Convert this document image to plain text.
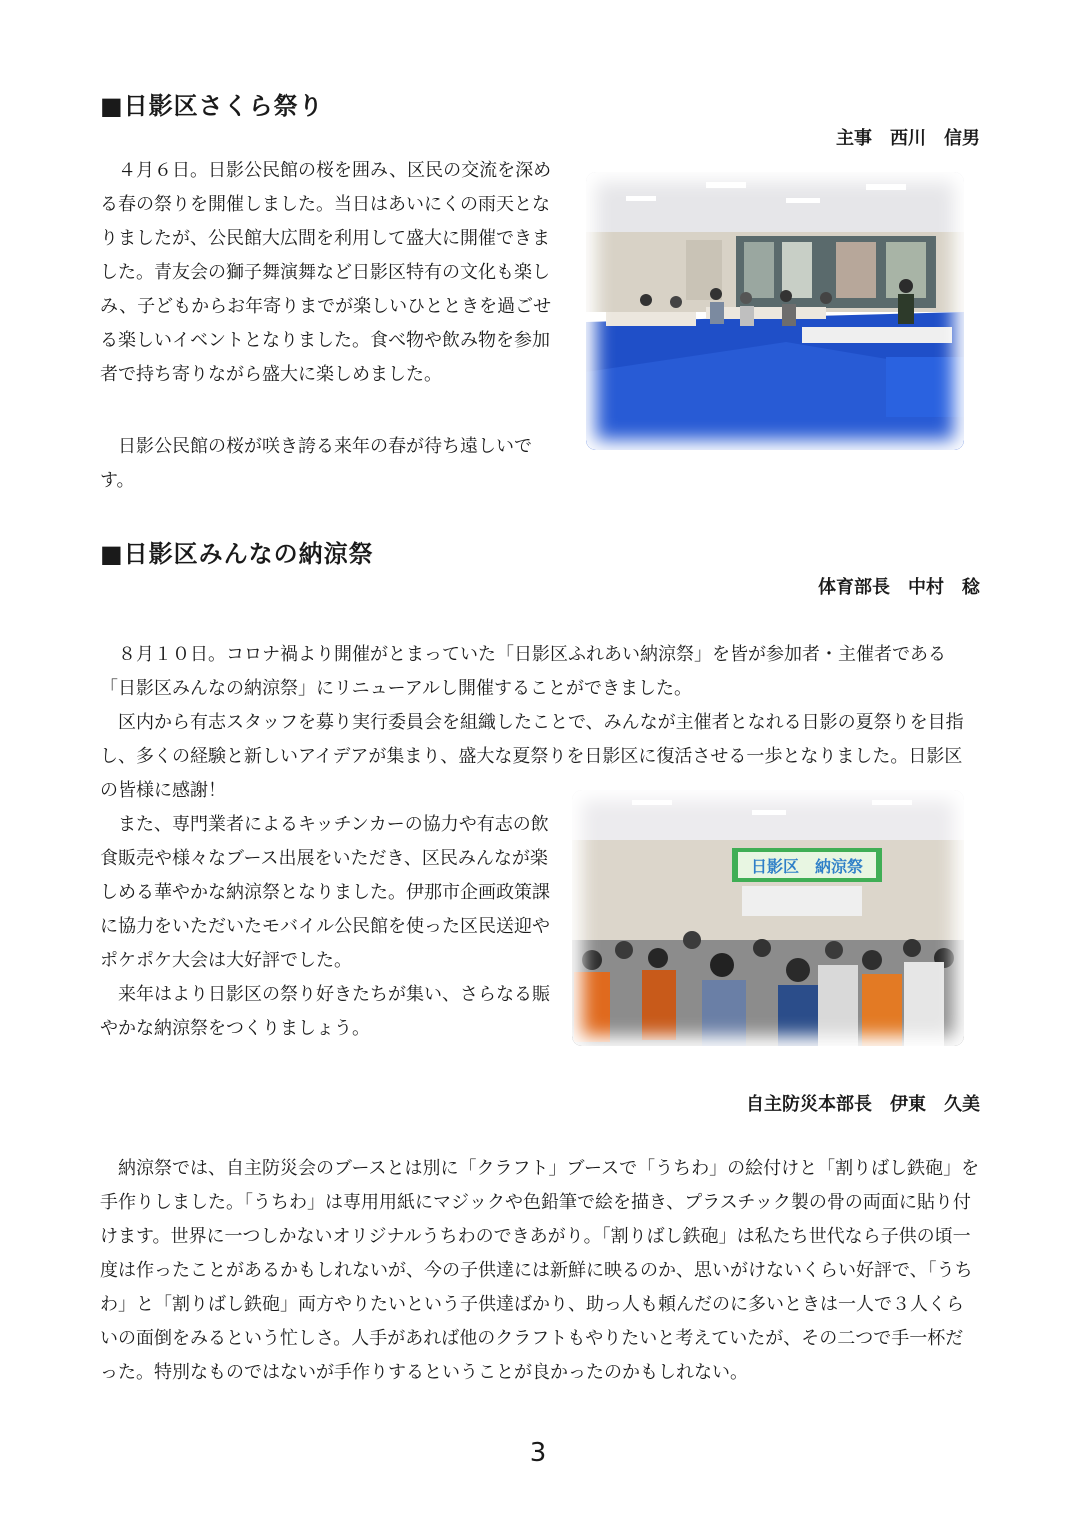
■日影区さくら祭り
主事　西川　信男

４月６日。日影公民館の桜を囲み、区民の交流を深める春の祭りを開催しました。当日はあいにくの雨天となりましたが、公民館大広間を利用して盛大に開催できました。青友会の獅子舞演舞など日影区特有の文化も楽しみ、子どもからお年寄りまでが楽しいひとときを過ごせる楽しいイベントとなりました。食べ物や飲み物を参加者で持ち寄りながら盛大に楽しめました。

日影公民館の桜が咲き誇る来年の春が待ち遠しいです。

■日影区みんなの納涼祭
体育部長　中村　稔

８月１０日。コロナ禍より開催がとまっていた「日影区ふれあい納涼祭」を皆が参加者・主催者である「日影区みんなの納涼祭」にリニューアルし開催することができました。

区内から有志スタッフを募り実行委員会を組織したことで、みんなが主催者となれる日影の夏祭りを目指し、多くの経験と新しいアイデアが集まり、盛大な夏祭りを日影区に復活させる一歩となりました。日影区の皆様に感謝！

また、専門業者によるキッチンカーの協力や有志の飲食販売や様々なブース出展をいただき、区民みんなが楽しめる華やかな納涼祭となりました。伊那市企画政策課に協力をいただいたモバイル公民館を使った区民送迎やポケポケ大会は大好評でした。

来年はより日影区の祭り好きたちが集い、さらなる賑やかな納涼祭をつくりましょう。

日影区　納涼祭
自主防災本部長　伊東　久美

納涼祭では、自主防災会のブースとは別に「クラフト」ブースで「うちわ」の絵付けと「割りばし鉄砲」を手作りしました。「うちわ」は専用用紙にマジックや色鉛筆で絵を描き、プラスチック製の骨の両面に貼り付けます。世界に一つしかないオリジナルうちわのできあがり。「割りばし鉄砲」は私たち世代なら子供の頃一度は作ったことがあるかもしれないが、今の子供達には新鮮に映るのか、思いがけないくらい好評で、「うちわ」と「割りばし鉄砲」両方やりたいという子供達ばかり、助っ人も頼んだのに多いときは一人で３人くらいの面倒をみるという忙しさ。人手があれば他のクラフトもやりたいと考えていたが、その二つで手一杯だった。特別なものではないが手作りするということが良かったのかもしれない。

3
